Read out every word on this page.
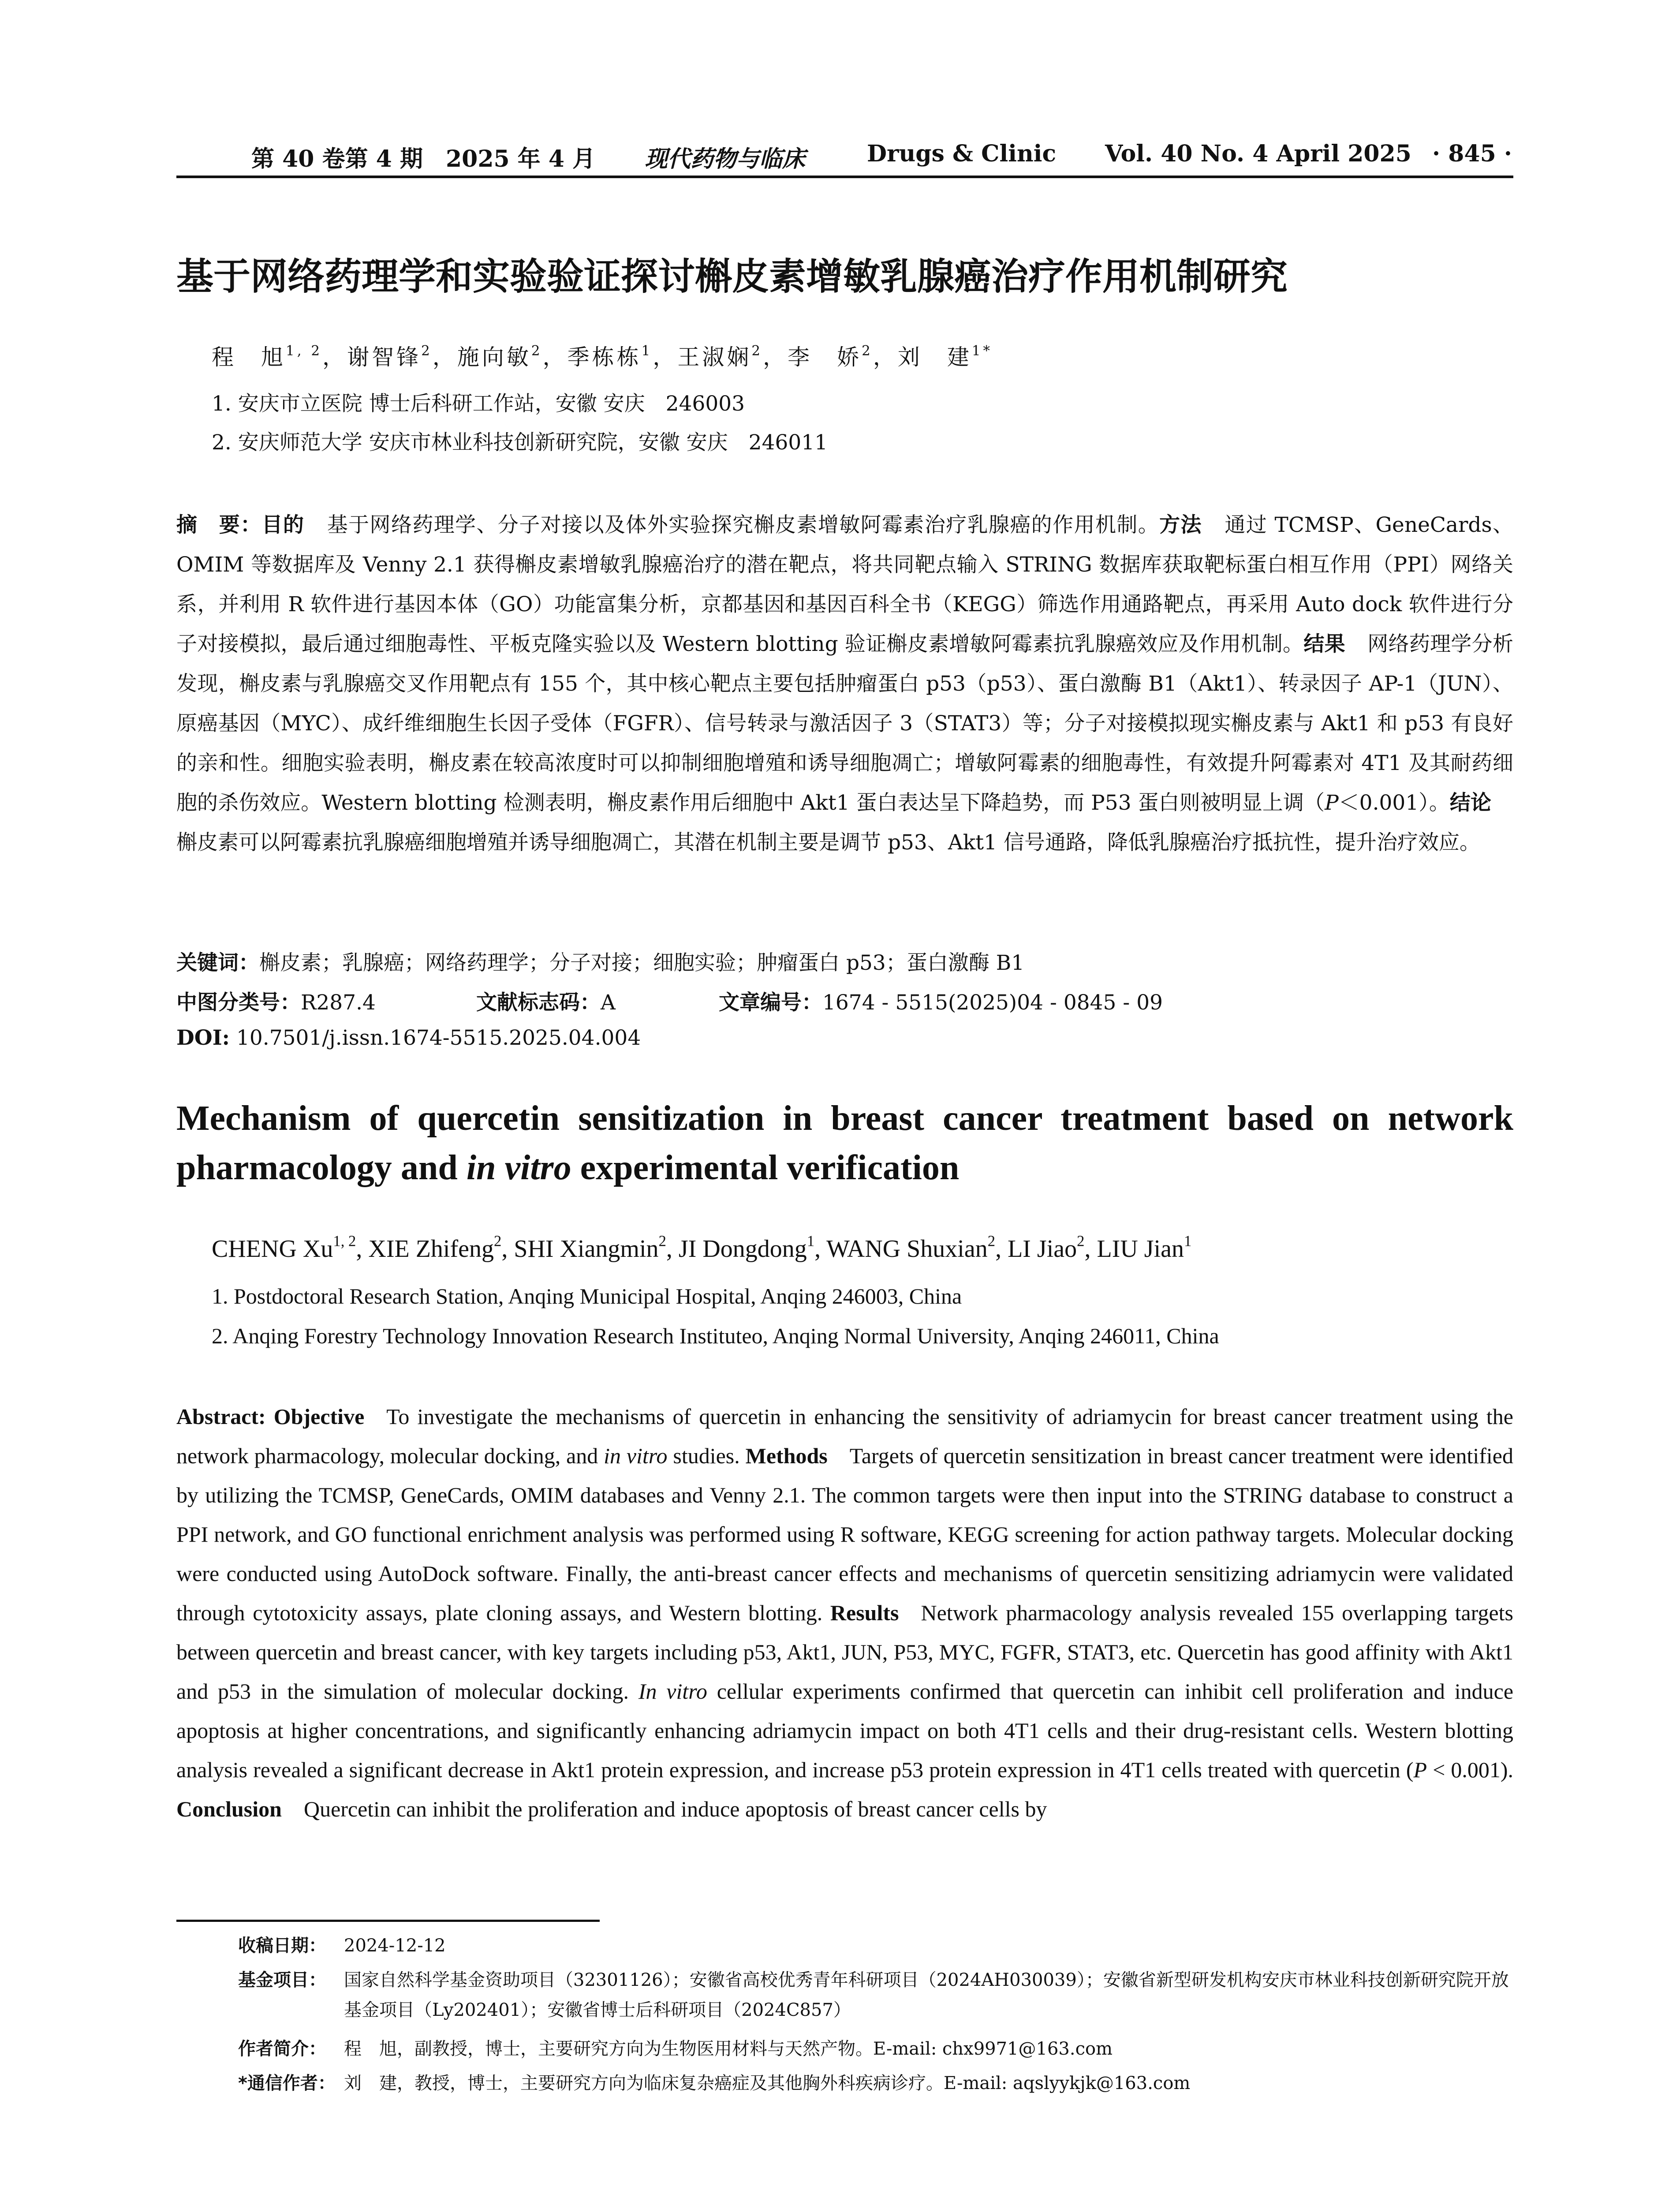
第 40 卷第 4 期　2025 年 4 月 现代药物与临床	Drugs & Clinic Vol. 40 No. 4 April 2025 · 845 ·
基于网络药理学和实验验证探讨槲皮素增敏乳腺癌治疗作用机制研究
程　旭$^{1, 2}$，谢智锋$^2$，施向敏$^2$，季栋栋$^1$，王淑娴$^2$，李　娇$^2$，刘　建$^{1*}$
1. 安庆市立医院 博士后科研工作站，安徽 安庆　246003
2. 安庆师范大学 安庆市林业科技创新研究院，安徽 安庆　246011
摘　要：目的 基于网络药理学、分子对接以及体外实验探究槲皮素增敏阿霉素治疗乳腺癌的作用机制。方法 通过 TCMSP、GeneCards、OMIM 等数据库及 Venny 2.1 获得槲皮素增敏乳腺癌治疗的潜在靶点，将共同靶点输入 STRING 数据库获取靶标蛋白相互作用（PPI）网络关系，并利用 R 软件进行基因本体（GO）功能富集分析，京都基因和基因百科全书（KEGG）筛选作用通路靶点，再采用 Auto dock 软件进行分子对接模拟，最后通过细胞毒性、平板克隆实验以及 Western blotting 验证槲皮素增敏阿霉素抗乳腺癌效应及作用机制。结果 网络药理学分析发现，槲皮素与乳腺癌交叉作用靶点有 155 个，其中核心靶点主要包括肿瘤蛋白 p53（p53）、蛋白激酶 B1（Akt1）、转录因子 AP-1（JUN）、原癌基因（MYC）、成纤维细胞生长因子受体（FGFR）、信号转录与激活因子 3（STAT3）等；分子对接模拟现实槲皮素与 Akt1 和 p53 有良好的亲和性。细胞实验表明，槲皮素在较高浓度时可以抑制细胞增殖和诱导细胞凋亡；增敏阿霉素的细胞毒性，有效提升阿霉素对 4T1 及其耐药细胞的杀伤效应。Western blotting 检测表明，槲皮素作用后细胞中 Akt1 蛋白表达呈下降趋势，而 P53 蛋白则被明显上调（P＜0.001）。结论槲皮素可以阿霉素抗乳腺癌细胞增殖并诱导细胞凋亡，其潜在机制主要是调节 p53、Akt1 信号通路，降低乳腺癌治疗抵抗性，提升治疗效应。
关键词：槲皮素；乳腺癌；网络药理学；分子对接；细胞实验；肿瘤蛋白 p53；蛋白激酶 B1
中图分类号：R287.4	文献标志码：A	文章编号：1674 - 5515(2025)04 - 0845 - 09
DOI: 10.7501/j.issn.1674-5515.2025.04.004
Mechanism of quercetin sensitization in breast cancer treatment based on network pharmacology and in vitro experimental verification
CHENG Xu$^{1, 2}$, XIE Zhifeng$^2$, SHI Xiangmin$^2$, JI Dongdong$^1$, WANG Shuxian$^2$, LI Jiao$^2$, LIU Jian$^1$
1. Postdoctoral Research Station, Anqing Municipal Hospital, Anqing 246003, China
2. Anqing Forestry Technology Innovation Research Instituteo, Anqing Normal University, Anqing 246011, China
Abstract: Objective To investigate the mechanisms of quercetin in enhancing the sensitivity of adriamycin for breast cancer treatment using the network pharmacology, molecular docking, and in vitro studies. Methods Targets of quercetin sensitization in breast cancer treatment were identified by utilizing the TCMSP, GeneCards, OMIM databases and Venny 2.1. The common targets were then input into the STRING database to construct a PPI network, and GO functional enrichment analysis was performed using R software, KEGG screening for action pathway targets. Molecular docking were conducted using AutoDock software. Finally, the anti-breast cancer effects and mechanisms of quercetin sensitizing adriamycin were validated through cytotoxicity assays, plate cloning assays, and Western blotting. Results Network pharmacology analysis revealed 155 overlapping targets between quercetin and breast cancer, with key targets including p53, Akt1, JUN, P53, MYC, FGFR, STAT3, etc. Quercetin has good affinity with Akt1 and p53 in the simulation of molecular docking. In vitro cellular experiments confirmed that quercetin can inhibit cell proliferation and induce apoptosis at higher concentrations, and significantly enhancing adriamycin impact on both 4T1 cells and their drug-resistant cells. Western blotting analysis revealed a significant decrease in Akt1 protein expression, and increase p53 protein expression in 4T1 cells treated with quercetin (P < 0.001). Conclusion Quercetin can inhibit the proliferation and induce apoptosis of breast cancer cells by
收稿日期： 2024-12-12
基金项目： 国家自然科学基金资助项目（32301126）；安徽省高校优秀青年科研项目（2024AH030039）；安徽省新型研发机构安庆市林业科技创新研究院开放基金项目（Ly202401）；安徽省博士后科研项目（2024C857）
作者简介： 程　旭，副教授，博士，主要研究方向为生物医用材料与天然产物。E-mail: chx9971@163.com
*通信作者： 刘　建，教授，博士，主要研究方向为临床复杂癌症及其他胸外科疾病诊疗。E-mail: aqslyykjk@163.com
